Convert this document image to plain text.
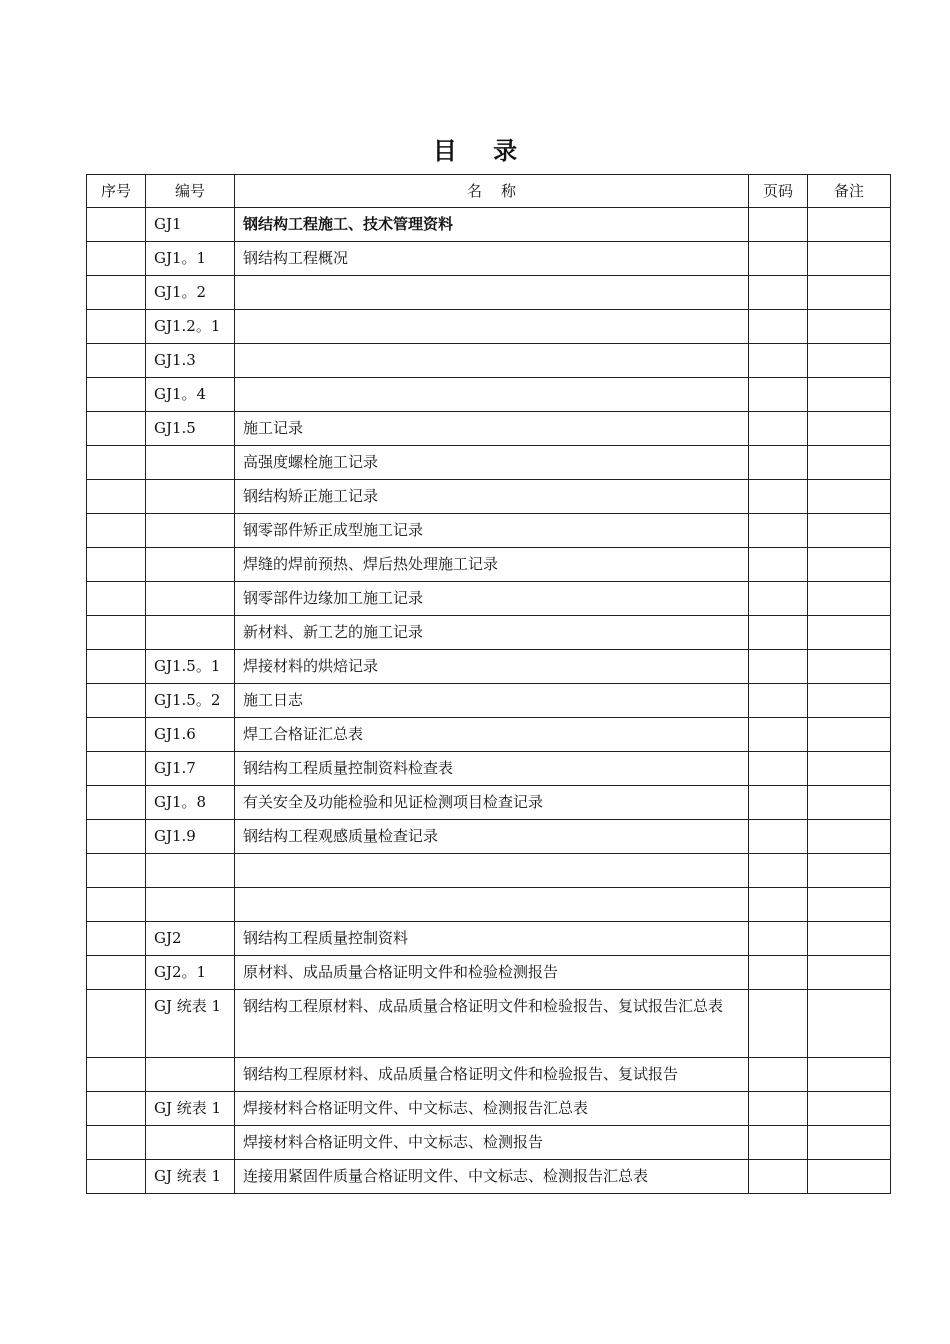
目 录
序号	编号	名    称	页码	备注
	GJ1	钢结构工程施工、技术管理资料		
	GJ1。1	钢结构工程概况		
	GJ1。2			
	GJ1.2。1			
	GJ1.3			
	GJ1。4			
	GJ1.5	施工记录		
		高强度螺栓施工记录		
		钢结构矫正施工记录		
		钢零部件矫正成型施工记录		
		焊缝的焊前预热、焊后热处理施工记录		
		钢零部件边缘加工施工记录		
		新材料、新工艺的施工记录		
	GJ1.5。1	焊接材料的烘焙记录		
	GJ1.5。2	施工日志		
	GJ1.6	焊工合格证汇总表		
	GJ1.7	钢结构工程质量控制资料检查表		
	GJ1。8	有关安全及功能检验和见证检测项目检查记录		
	GJ1.9	钢结构工程观感质量检查记录		

	GJ2	钢结构工程质量控制资料		
	GJ2。1	原材料、成品质量合格证明文件和检验检测报告		
	GJ 统表 1	钢结构工程原材料、成品质量合格证明文件和检验报告、复试报告汇总表		
		钢结构工程原材料、成品质量合格证明文件和检验报告、复试报告		
	GJ 统表 1	焊接材料合格证明文件、中文标志、检测报告汇总表		
		焊接材料合格证明文件、中文标志、检测报告		
	GJ 统表 1	连接用紧固件质量合格证明文件、中文标志、检测报告汇总表		
